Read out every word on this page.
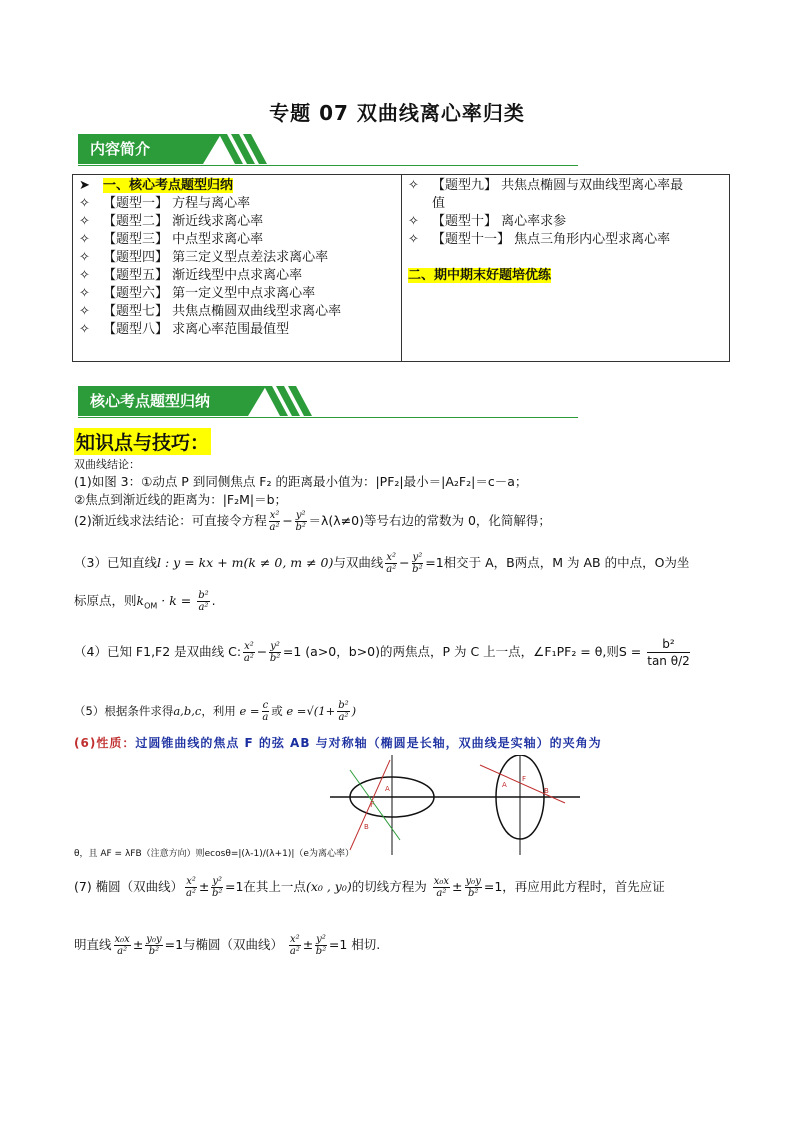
专题 07 双曲线离心率归类
内容简介
➤ 一、核心考点题型归纳
✧ 【题型一】 方程与离心率
✧ 【题型二】 渐近线求离心率
✧ 【题型三】 中点型求离心率
✧ 【题型四】 第三定义型点差法求离心率
✧ 【题型五】 渐近线型中点求离心率
✧ 【题型六】 第一定义型中点求离心率
✧ 【题型七】 共焦点椭圆双曲线型求离心率
✧ 【题型八】 求离心率范围最值型

✧ 【题型九】 共焦点椭圆与双曲线型离心率最
值
✧ 【题型十】 离心率求参
✧ 【题型十一】 焦点三角形内心型求离心率
二、期中期末好题培优练
核心考点题型归纳
知识点与技巧：
双曲线结论：
(1)如图 3：①动点 P 到同侧焦点 F₂ 的距离最小值为：|PF₂|最小＝|A₂F₂|＝c－a；
②焦点到渐近线的距离为：|F₂M|＝b；
(2)渐近线求法结论：可直接令方程 $\frac{\text{x²}}{\text{a²}} - \frac{\text{y²}}{\text{b²}} =\lambda(\lambda\ne 0)$等号右边的常数为 0，化简解得；
（3）已知直线l : y = kx + m(k ≠ 0, m ≠ 0)与双曲线 $\frac{\text{x²}}{\text{a²}} - \frac{\text{y²}}{\text{b²}} =1$相交于 A，B两点，M 为 AB 的中点，O为坐
标原点，则$k_{OM} \cdot k = \frac{\text{b²}}{\text{a²}}$ .
（4）已知 F1,F2 是双曲线 C: $\frac{\text{x²}}{\text{a²}} - \frac{\text{y²}}{\text{b²}} =1$ (a>0，b>0)的两焦点，P 为 C 上一点，∠F₁PF₂ = θ,则$S = \frac{\text{b²}}{\text{tan θ/2}}$
（5）根据条件求得a,b,c，利用 $e = \frac{c}{a}$ 或 $e =√(1+ \frac{\text{b²}}{\text{a²}}$ )
(6)性质：过圆锥曲线的焦点 F 的弦 AB 与对称轴（椭圆是长轴，双曲线是实轴）的夹角为
A
F
B
A
F
B
θ，且 AF = λFB（注意方向）则ecosθ=|(λ-1)/(λ+1)|（e为离心率）
(7) 椭圆（双曲线） $\frac{\text{x²}}{\text{a²}} \pm \frac{\text{y²}}{\text{b²}} =1$在其上一点(x₀ , y₀)的切线方程为 $\frac{\text{x₀x}}{\text{a²}} \pm \frac{\text{y₀y}}{\text{b²}} =1$，再应用此方程时，首先应证
明直线 $\frac{\text{x₀x}}{\text{a²}} \pm \frac{\text{y₀y}}{\text{b²}} =1$与椭圆（双曲线） $\frac{\text{x²}}{\text{a²}} \pm \frac{\text{y²}}{\text{b²}} =1$ 相切.
